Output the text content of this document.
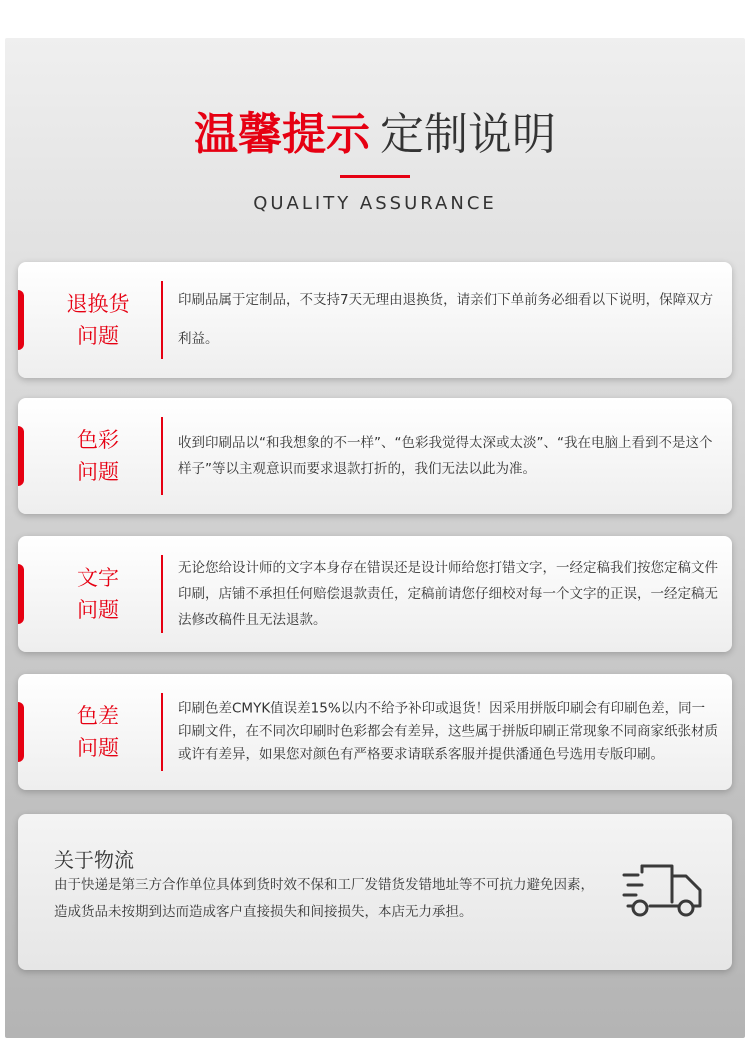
温馨提示 定制说明
QUALITY ASSURANCE
退换货
问题
印刷品属于定制品，不支持7天无理由退换货，请亲们下单前务必细看以下说明，保障双方利益。
色彩
问题
收到印刷品以“和我想象的不一样”、“色彩我觉得太深或太淡”、“我在电脑上看到不是这个样子”等以主观意识而要求退款打折的，我们无法以此为准。
文字
问题
无论您给设计师的文字本身存在错误还是设计师给您打错文字，一经定稿我们按您定稿文件印刷，店铺不承担任何赔偿退款责任，定稿前请您仔细校对每一个文字的正误，一经定稿无法修改稿件且无法退款。
色差
问题
印刷色差CMYK值误差15%以内不给予补印或退货！因采用拼版印刷会有印刷色差，同一印刷文件，在不同次印刷时色彩都会有差异，这些属于拼版印刷正常现象不同商家纸张材质或许有差异，如果您对颜色有严格要求请联系客服并提供潘通色号选用专版印刷。
关于物流
由于快递是第三方合作单位具体到货时效不保和工厂发错货发错地址等不可抗力避免因素，造成货品未按期到达而造成客户直接损失和间接损失，本店无力承担。
